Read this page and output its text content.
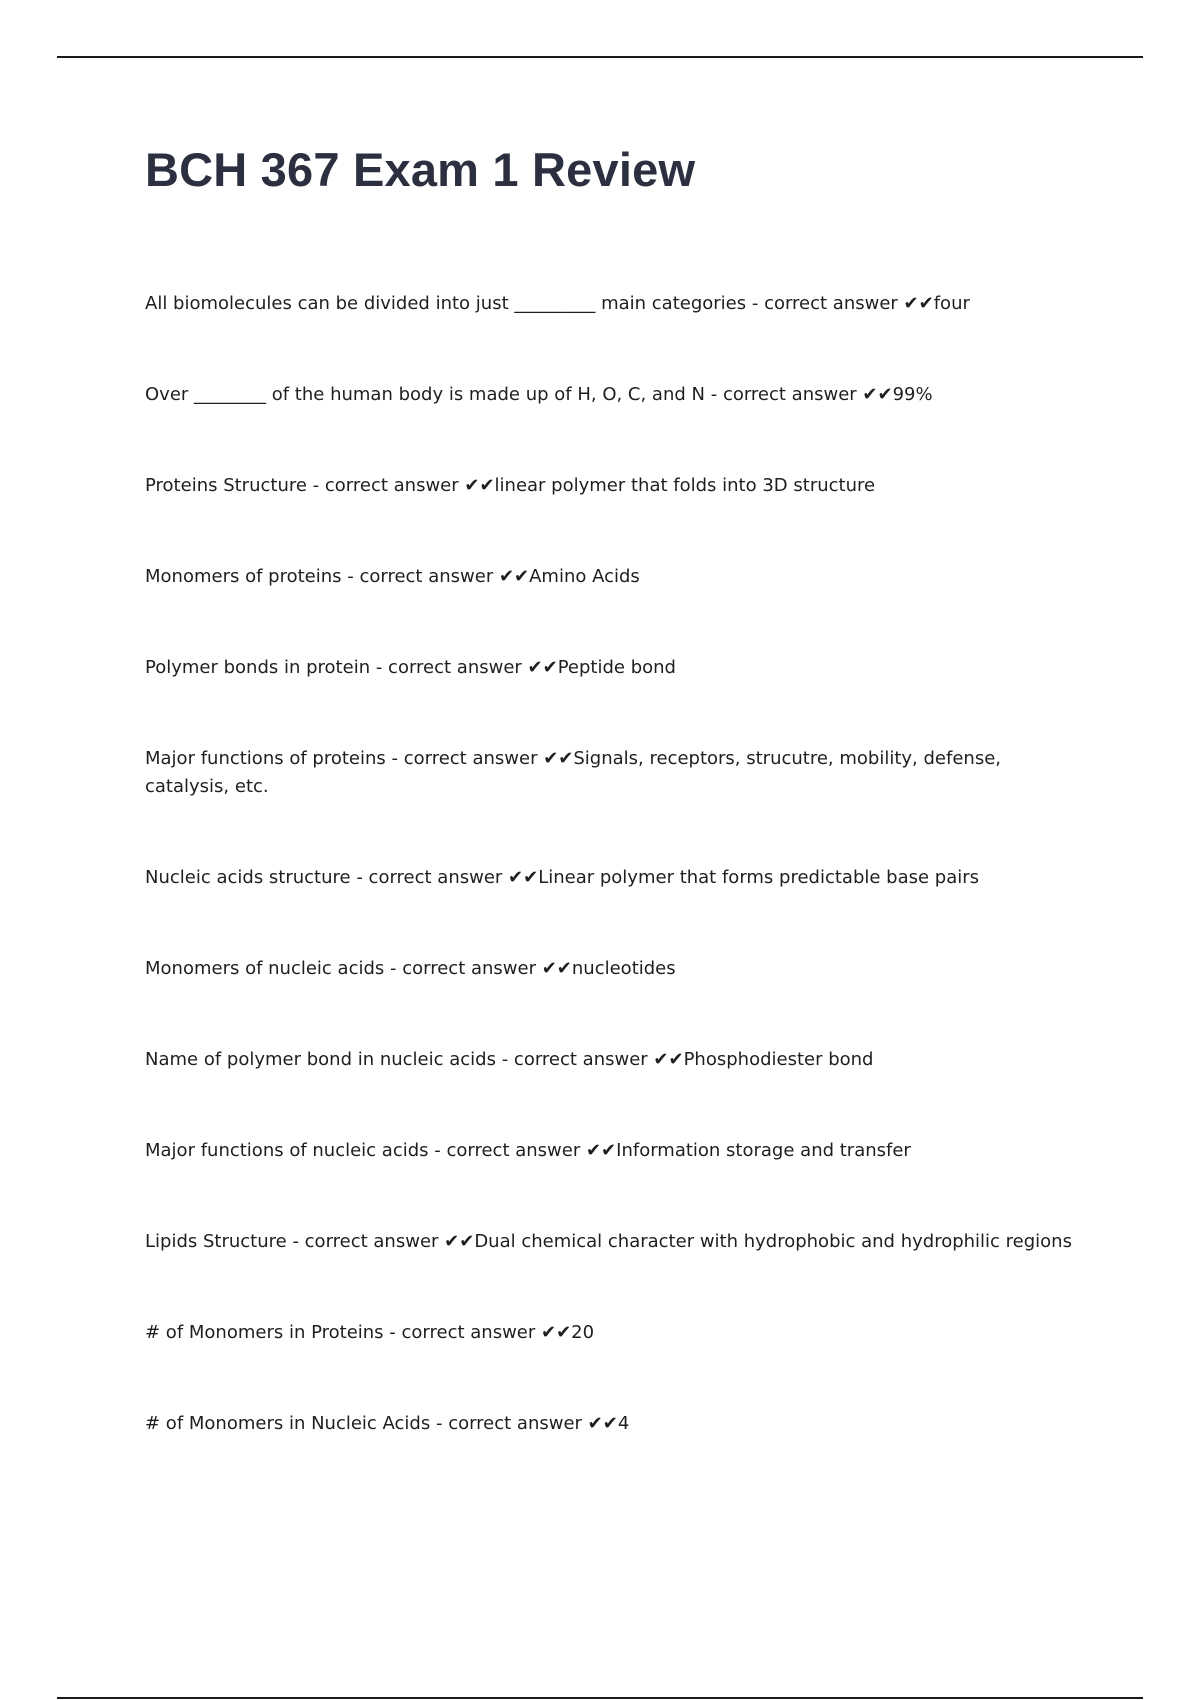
BCH 367 Exam 1 Review
All biomolecules can be divided into just _________ main categories - correct answer ✔✔four
Over ________ of the human body is made up of H, O, C, and N - correct answer ✔✔99%
Proteins Structure - correct answer ✔✔linear polymer that folds into 3D structure
Monomers of proteins - correct answer ✔✔Amino Acids
Polymer bonds in protein - correct answer ✔✔Peptide bond
Major functions of proteins - correct answer ✔✔Signals, receptors, strucutre, mobility, defense, catalysis, etc.
Nucleic acids structure - correct answer ✔✔Linear polymer that forms predictable base pairs
Monomers of nucleic acids - correct answer ✔✔nucleotides
Name of polymer bond in nucleic acids - correct answer ✔✔Phosphodiester bond
Major functions of nucleic acids - correct answer ✔✔Information storage and transfer
Lipids Structure - correct answer ✔✔Dual chemical character with hydrophobic and hydrophilic regions
# of Monomers in Proteins - correct answer ✔✔20
# of Monomers in Nucleic Acids - correct answer ✔✔4
